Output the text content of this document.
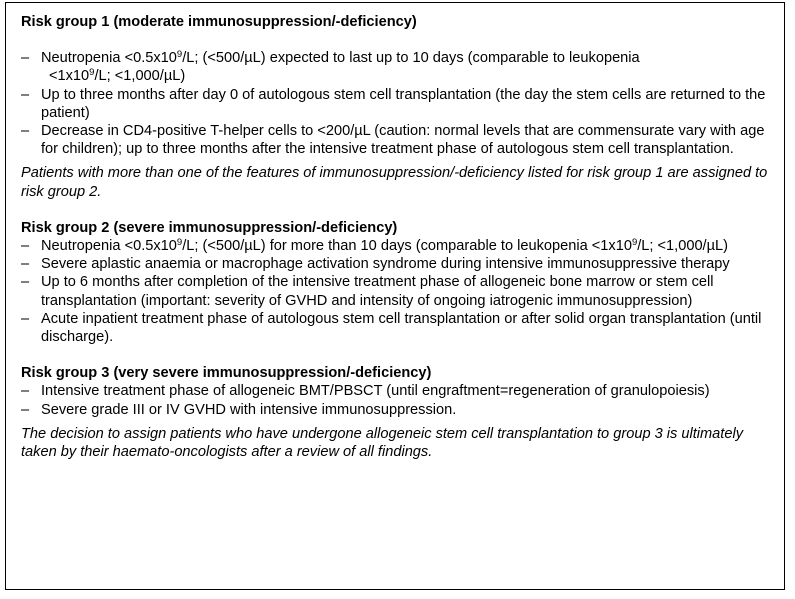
Risk group 1 (moderate immunosuppression/-deficiency)

– Neutropenia $<0.5x10^9/L$; (<500/µL) expected to last up to 10 days (comparable to leukopenia
$<1x10^9/L$; <1,000/µL)
– Up to three months after day 0 of autologous stem cell transplantation (the day the stem cells are returned to the patient)
– Decrease in CD4-positive T-helper cells to <200/µL (caution: normal levels that are commensurate vary with age for children); up to three months after the intensive treatment phase of autologous stem cell transplantation.

Patients with more than one of the features of immunosuppression/-deficiency listed for risk group 1 are assigned to risk group 2.

Risk group 2 (severe immunosuppression/-deficiency)

– Neutropenia $<0.5x10^9/L$; (<500/µL) for more than 10 days (comparable to leukopenia $<1x10^9/L$; <1,000/µL)
– Severe aplastic anaemia or macrophage activation syndrome during intensive immunosuppressive therapy
– Up to 6 months after completion of the intensive treatment phase of allogeneic bone marrow or stem cell transplantation (important: severity of GVHD and intensity of ongoing iatrogenic immunosuppression)
– Acute inpatient treatment phase of autologous stem cell transplantation or after solid organ transplantation (until discharge).

Risk group 3 (very severe immunosuppression/-deficiency)

– Intensive treatment phase of allogeneic BMT/PBSCT (until engraftment=regeneration of granulopoiesis)
– Severe grade III or IV GVHD with intensive immunosuppression.

The decision to assign patients who have undergone allogeneic stem cell transplantation to group 3 is ultimately taken by their haemato-oncologists after a review of all findings.
